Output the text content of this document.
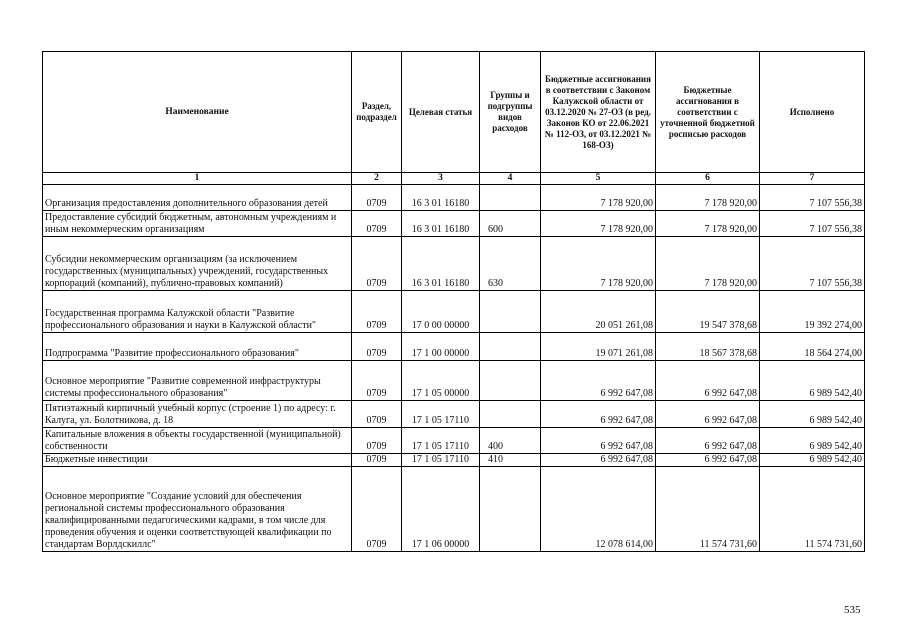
Наименование	Раздел, подраздел	Целевая статья	Группы и подгруппы видов расходов	Бюджетные ассигнования в соответствии с Законом Калужской области от 03.12.2020 № 27-ОЗ (в ред. Законов КО от 22.06.2021 № 112-ОЗ, от 03.12.2021 № 168-ОЗ)	Бюджетные ассигнования в соответствии с уточненной бюджетной росписью расходов	Исполнено
1	2	3	4	5	6	7
Организация предоставления дополнительного образования детей	0709	16 3 01 16180		7 178 920,00	7 178 920,00	7 107 556,38
Предоставление субсидий бюджетным, автономным учреждениям и иным некоммерческим организациям	0709	16 3 01 16180	600	7 178 920,00	7 178 920,00	7 107 556,38
Субсидии некоммерческим организациям (за исключением государственных (муниципальных) учреждений, государственных корпораций (компаний), публично-правовых компаний)	0709	16 3 01 16180	630	7 178 920,00	7 178 920,00	7 107 556,38
Государственная программа Калужской области "Развитие профессионального образования и науки в Калужской области"	0709	17 0 00 00000		20 051 261,08	19 547 378,68	19 392 274,00
Подпрограмма "Развитие профессионального образования"	0709	17 1 00 00000		19 071 261,08	18 567 378,68	18 564 274,00
Основное мероприятие "Развитие современной инфраструктуры системы профессионального образования"	0709	17 1 05 00000		6 992 647,08	6 992 647,08	6 989 542,40
Пятиэтажный кирпичный учебный корпус (строение 1) по адресу: г. Калуга, ул. Болотникова, д. 18	0709	17 1 05 17110		6 992 647,08	6 992 647,08	6 989 542,40
Капитальные вложения в объекты государственной (муниципальной) собственности	0709	17 1 05 17110	400	6 992 647,08	6 992 647,08	6 989 542,40
Бюджетные инвестиции	0709	17 1 05 17110	410	6 992 647,08	6 992 647,08	6 989 542,40
Основное мероприятие "Создание условий для обеспечения региональной системы профессионального образования квалифицированными педагогическими кадрами, в том числе для проведения обучения и оценки соответствующей квалификации по стандартам Ворлдскиллс"	0709	17 1 06 00000		12 078 614,00	11 574 731,60	11 574 731,60
535
